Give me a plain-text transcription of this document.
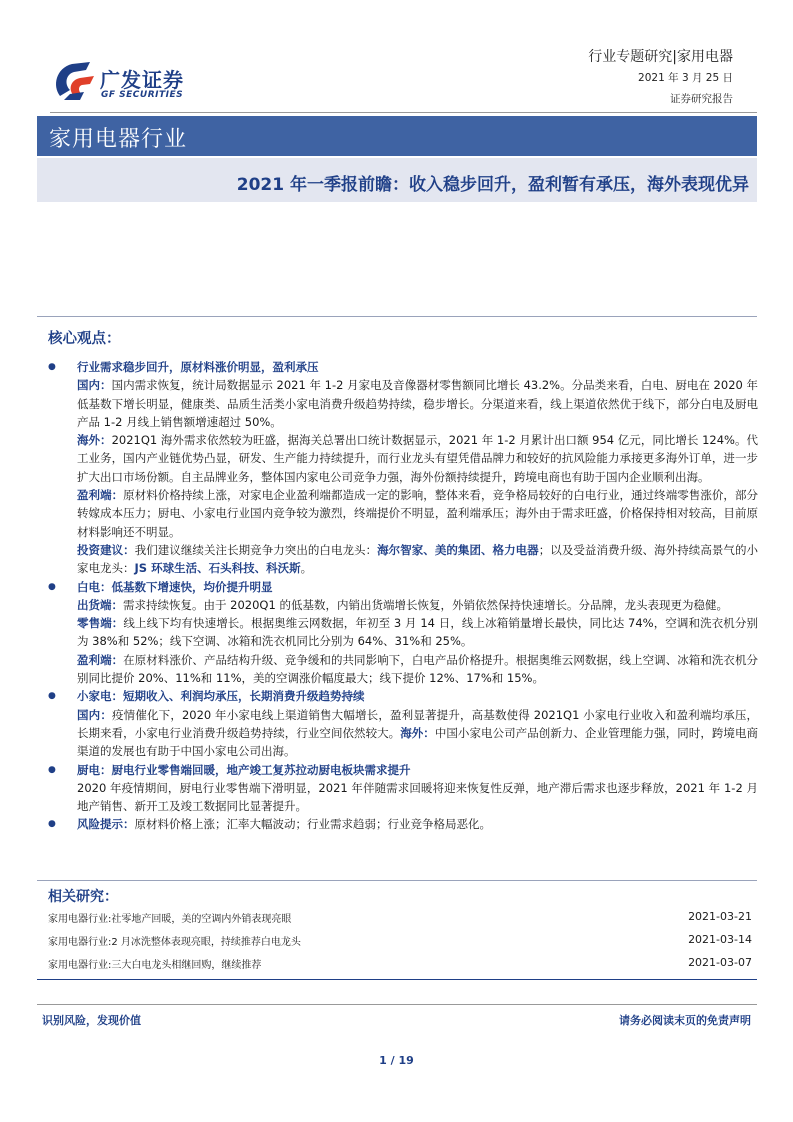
广发证券
GF SECURITIES
行业专题研究|家用电器
2021 年 3 月 25 日
证券研究报告
家用电器行业
2021 年一季报前瞻：收入稳步回升，盈利暂有承压，海外表现优异
核心观点：
● 行业需求稳步回升，原材料涨价明显，盈利承压
国内：国内需求恢复，统计局数据显示 2021 年 1-2 月家电及音像器材零售额同比增长 43.2%。分品类来看，白电、厨电在 2020 年低基数下增长明显，健康类、品质生活类小家电消费升级趋势持续，稳步增长。分渠道来看，线上渠道依然优于线下，部分白电及厨电产品 1-2 月线上销售额增速超过 50%。
海外：2021Q1 海外需求依然较为旺盛，据海关总署出口统计数据显示，2021 年 1-2 月累计出口额 954 亿元，同比增长 124%。代工业务，国内产业链优势凸显，研发、生产能力持续提升，而行业龙头有望凭借品牌力和较好的抗风险能力承接更多海外订单，进一步扩大出口市场份额。自主品牌业务，整体国内家电公司竞争力强，海外份额持续提升，跨境电商也有助于国内企业顺利出海。
盈利端：原材料价格持续上涨，对家电企业盈利端都造成一定的影响，整体来看，竞争格局较好的白电行业，通过终端零售涨价，部分转嫁成本压力；厨电、小家电行业国内竞争较为激烈，终端提价不明显，盈利端承压；海外由于需求旺盛，价格保持相对较高，目前原材料影响还不明显。
投资建议：我们建议继续关注长期竞争力突出的白电龙头：海尔智家、美的集团、格力电器；以及受益消费升级、海外持续高景气的小家电龙头：JS 环球生活、石头科技、科沃斯。
● 白电：低基数下增速快，均价提升明显
出货端：需求持续恢复。由于 2020Q1 的低基数，内销出货端增长恢复，外销依然保持快速增长。分品牌，龙头表现更为稳健。
零售端：线上线下均有快速增长。根据奥维云网数据，年初至 3 月 14 日，线上冰箱销量增长最快，同比达 74%，空调和洗衣机分别为 38%和 52%；线下空调、冰箱和洗衣机同比分别为 64%、31%和 25%。
盈利端：在原材料涨价、产品结构升级、竞争缓和的共同影响下，白电产品价格提升。根据奥维云网数据，线上空调、冰箱和洗衣机分别同比提价 20%、11%和 11%，美的空调涨价幅度最大；线下提价 12%、17%和 15%。
● 小家电：短期收入、利润均承压，长期消费升级趋势持续
国内：疫情催化下，2020 年小家电线上渠道销售大幅增长，盈利显著提升，高基数使得 2021Q1 小家电行业收入和盈利端均承压，长期来看，小家电行业消费升级趋势持续，行业空间依然较大。海外：中国小家电公司产品创新力、企业管理能力强，同时，跨境电商渠道的发展也有助于中国小家电公司出海。
● 厨电：厨电行业零售端回暖，地产竣工复苏拉动厨电板块需求提升
2020 年疫情期间，厨电行业零售端下滑明显，2021 年伴随需求回暖将迎来恢复性反弹，地产滞后需求也逐步释放，2021 年 1-2 月地产销售、新开工及竣工数据同比显著提升。
● 风险提示：原材料价格上涨；汇率大幅波动；行业需求趋弱；行业竞争格局恶化。
相关研究：
家用电器行业:社零地产回暖，美的空调内外销表现亮眼	2021-03-21
家用电器行业:2 月冰洗整体表现亮眼，持续推荐白电龙头	2021-03-14
家用电器行业:三大白电龙头相继回购，继续推荐	2021-03-07
识别风险，发现价值	请务必阅读末页的免责声明
1 / 19
